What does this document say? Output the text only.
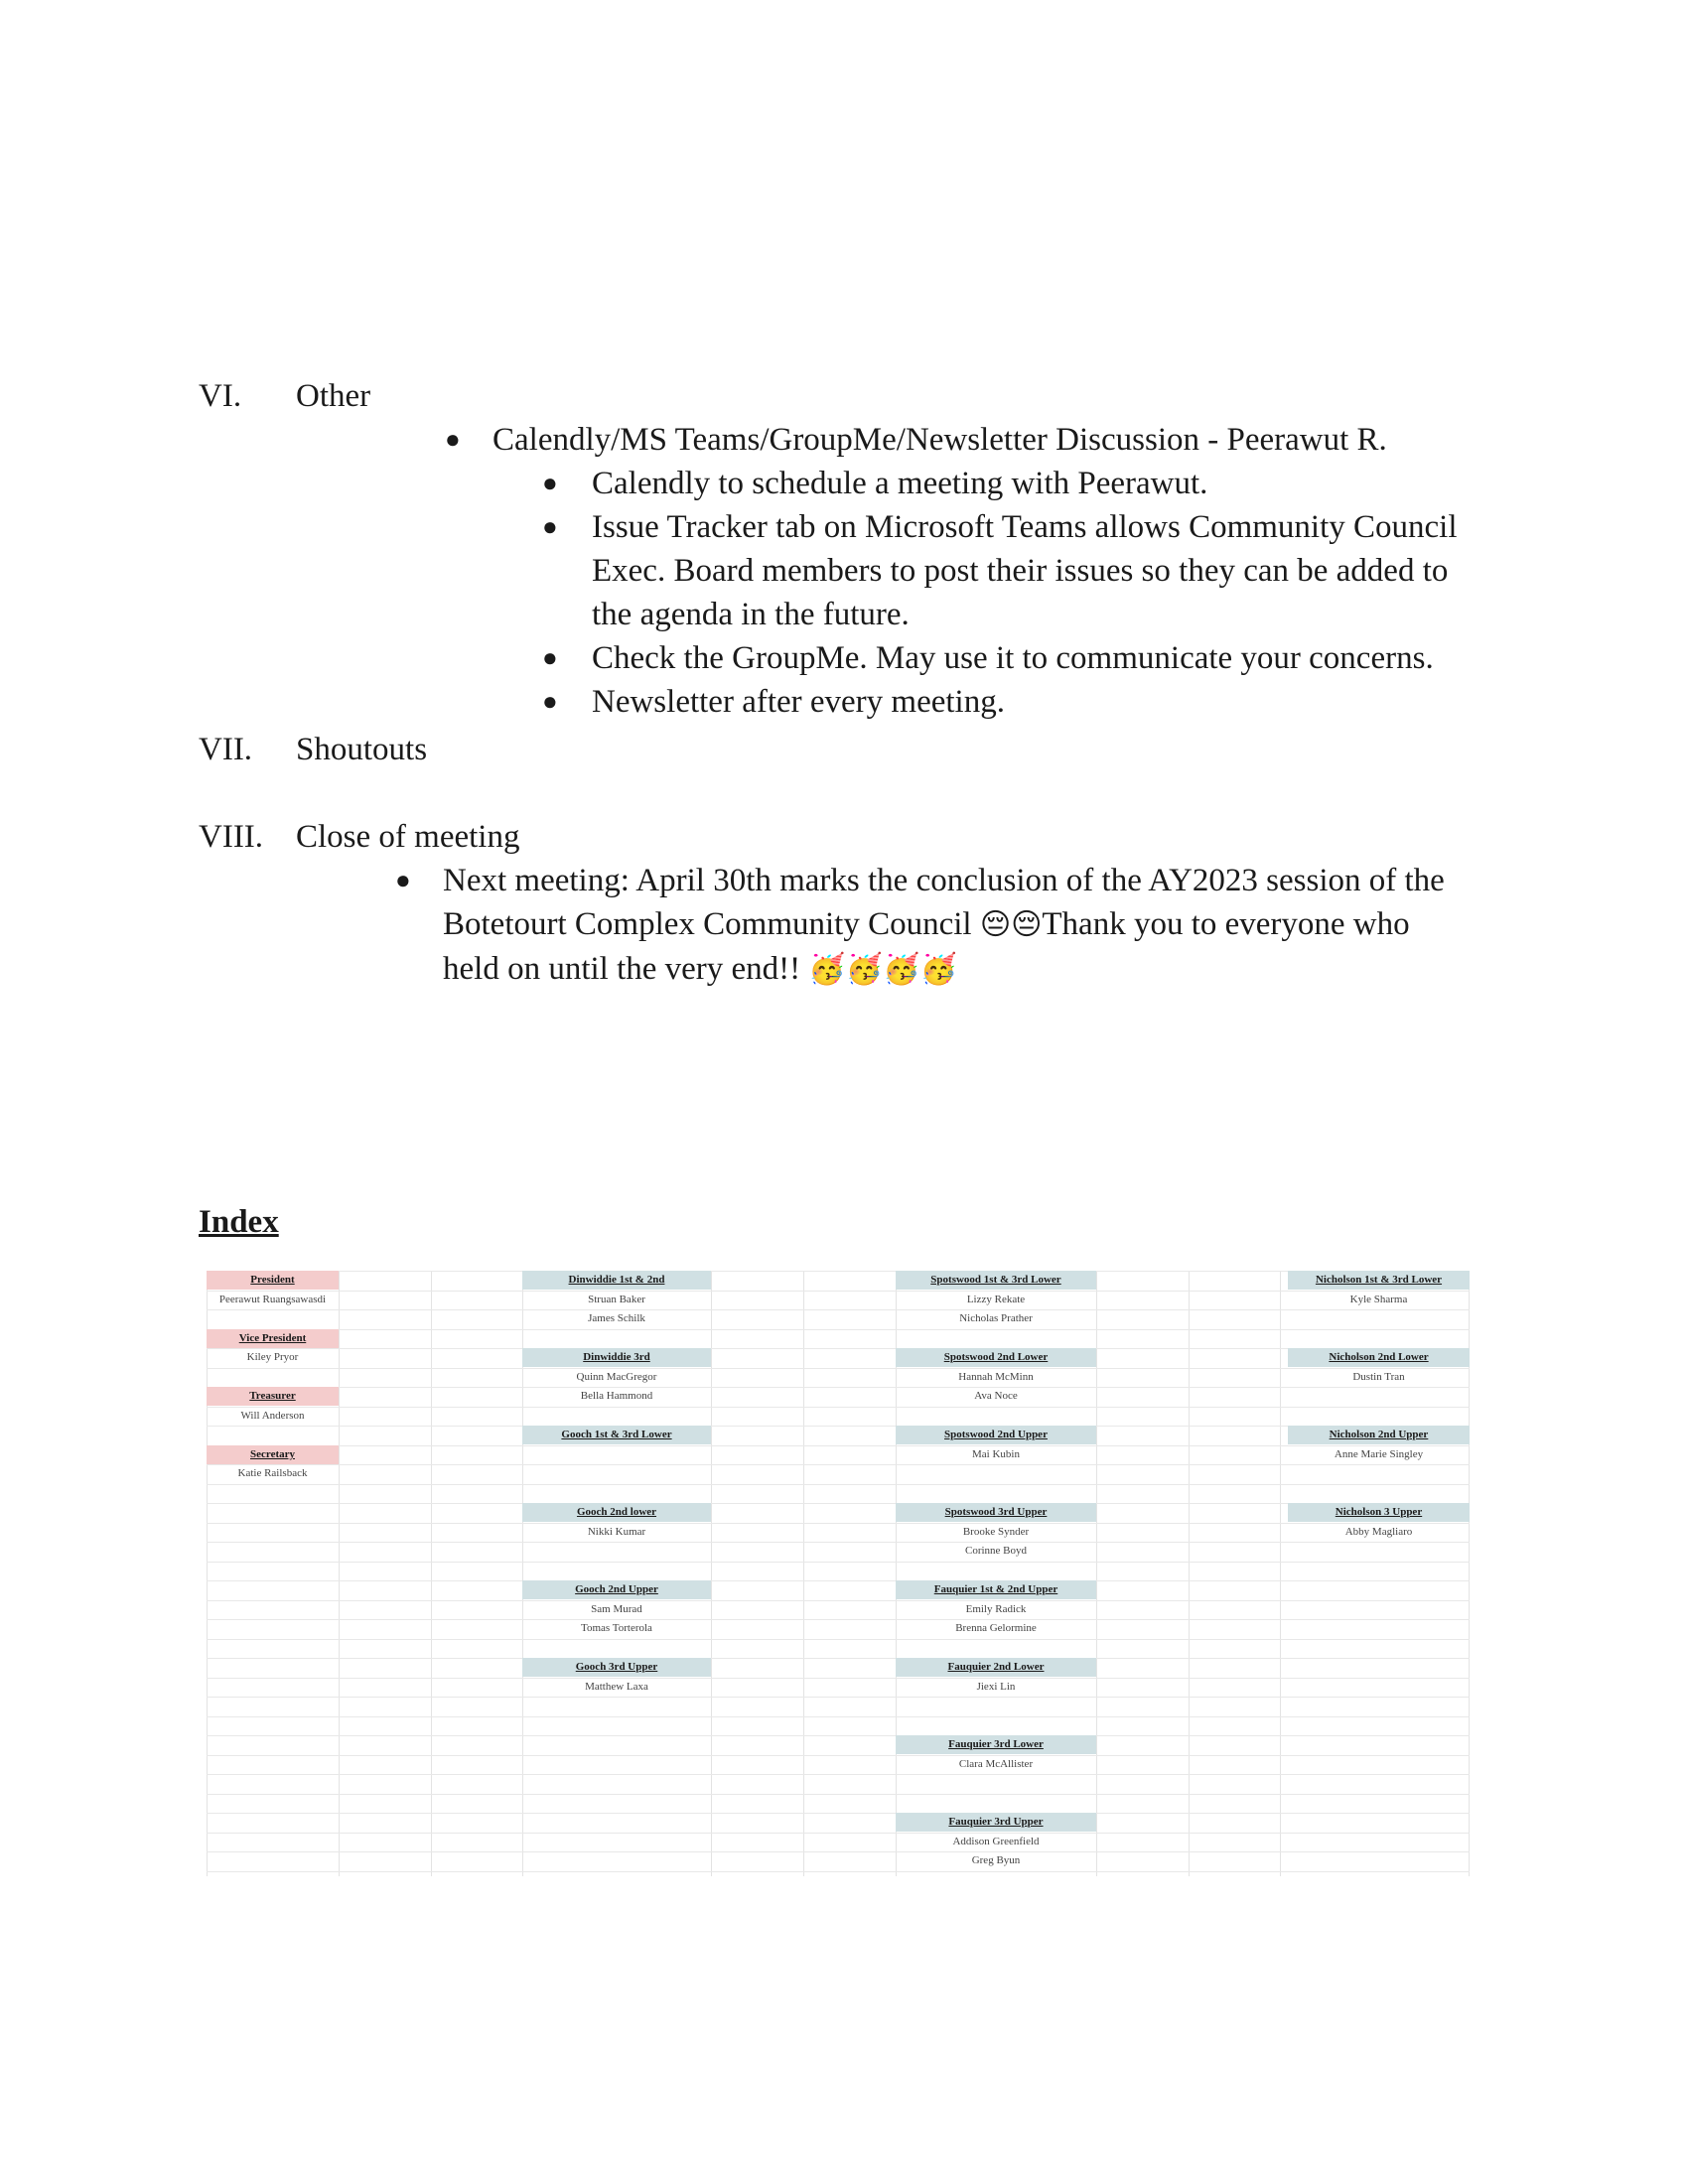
VI. Other
● Calendly/MS Teams/GroupMe/Newsletter Discussion - Peerawut R.
● Calendly to schedule a meeting with Peerawut.
● Issue Tracker tab on Microsoft Teams allows Community Council Exec. Board members to post their issues so they can be added to the agenda in the future.
● Check the GroupMe. May use it to communicate your concerns.
● Newsletter after every meeting.
VII. Shoutouts
VIII. Close of meeting
● Next meeting: April 30th marks the conclusion of the AY2023 session of the Botetourt Complex Community Council 😔😔Thank you to everyone who held on until the very end!! 🥳🥳🥳🥳
Index
President
Peerawut Ruangsawasdi
Vice President
Kiley Pryor
Treasurer
Will Anderson
Secretary
Katie Railsback
Dinwiddie 1st & 2nd
Struan Baker
James Schilk
Dinwiddie 3rd
Quinn MacGregor
Bella Hammond
Gooch 1st & 3rd Lower
Gooch 2nd lower
Nikki Kumar
Gooch 2nd Upper
Sam Murad
Tomas Torterola
Gooch 3rd Upper
Matthew Laxa
Spotswood 1st & 3rd Lower
Lizzy Rekate
Nicholas Prather
Spotswood 2nd Lower
Hannah McMinn
Ava Noce
Spotswood 2nd Upper
Mai Kubin
Spotswood 3rd Upper
Brooke Synder
Corinne Boyd
Fauquier 1st & 2nd Upper
Emily Radick
Brenna Gelormine
Fauquier 2nd Lower
Jiexi Lin
Fauquier 3rd Lower
Clara McAllister
Fauquier 3rd Upper
Addison Greenfield
Greg Byun
Nicholson 1st & 3rd Lower
Kyle Sharma
Nicholson 2nd Lower
Dustin Tran
Nicholson 2nd Upper
Anne Marie Singley
Nicholson 3 Upper
Abby Magliaro
